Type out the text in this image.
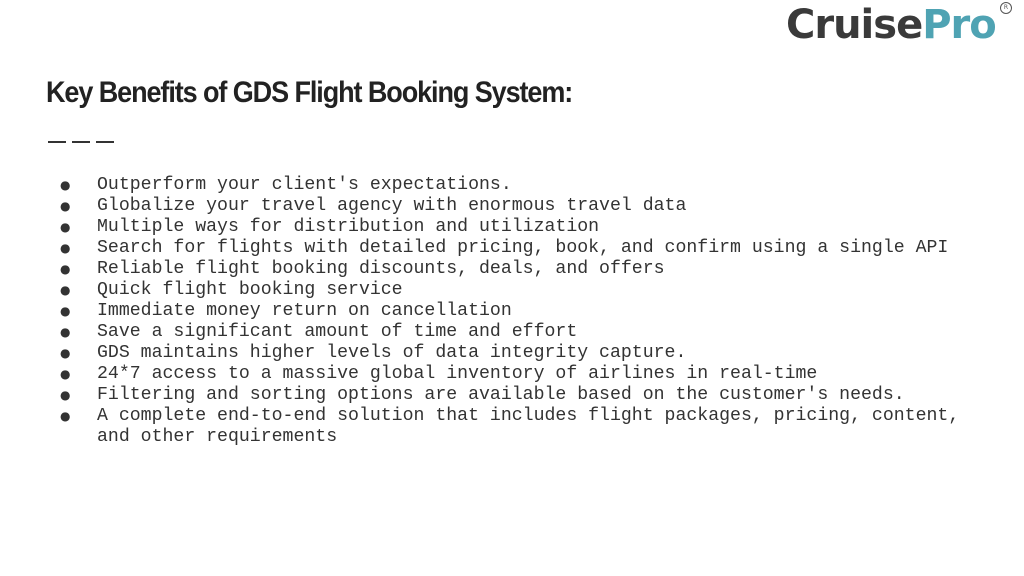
CruisePro	R
Key Benefits of GDS Flight Booking System:
● Outperform your client's expectations.
● Globalize your travel agency with enormous travel data
● Multiple ways for distribution and utilization
● Search for flights with detailed pricing, book, and confirm using a single API
● Reliable flight booking discounts, deals, and offers
● Quick flight booking service
● Immediate money return on cancellation
● Save a significant amount of time and effort
● GDS maintains higher levels of data integrity capture.
● 24*7 access to a massive global inventory of airlines in real-time
● Filtering and sorting options are available based on the customer's needs.
● A complete end-to-end solution that includes flight packages, pricing, content, and other requirements
